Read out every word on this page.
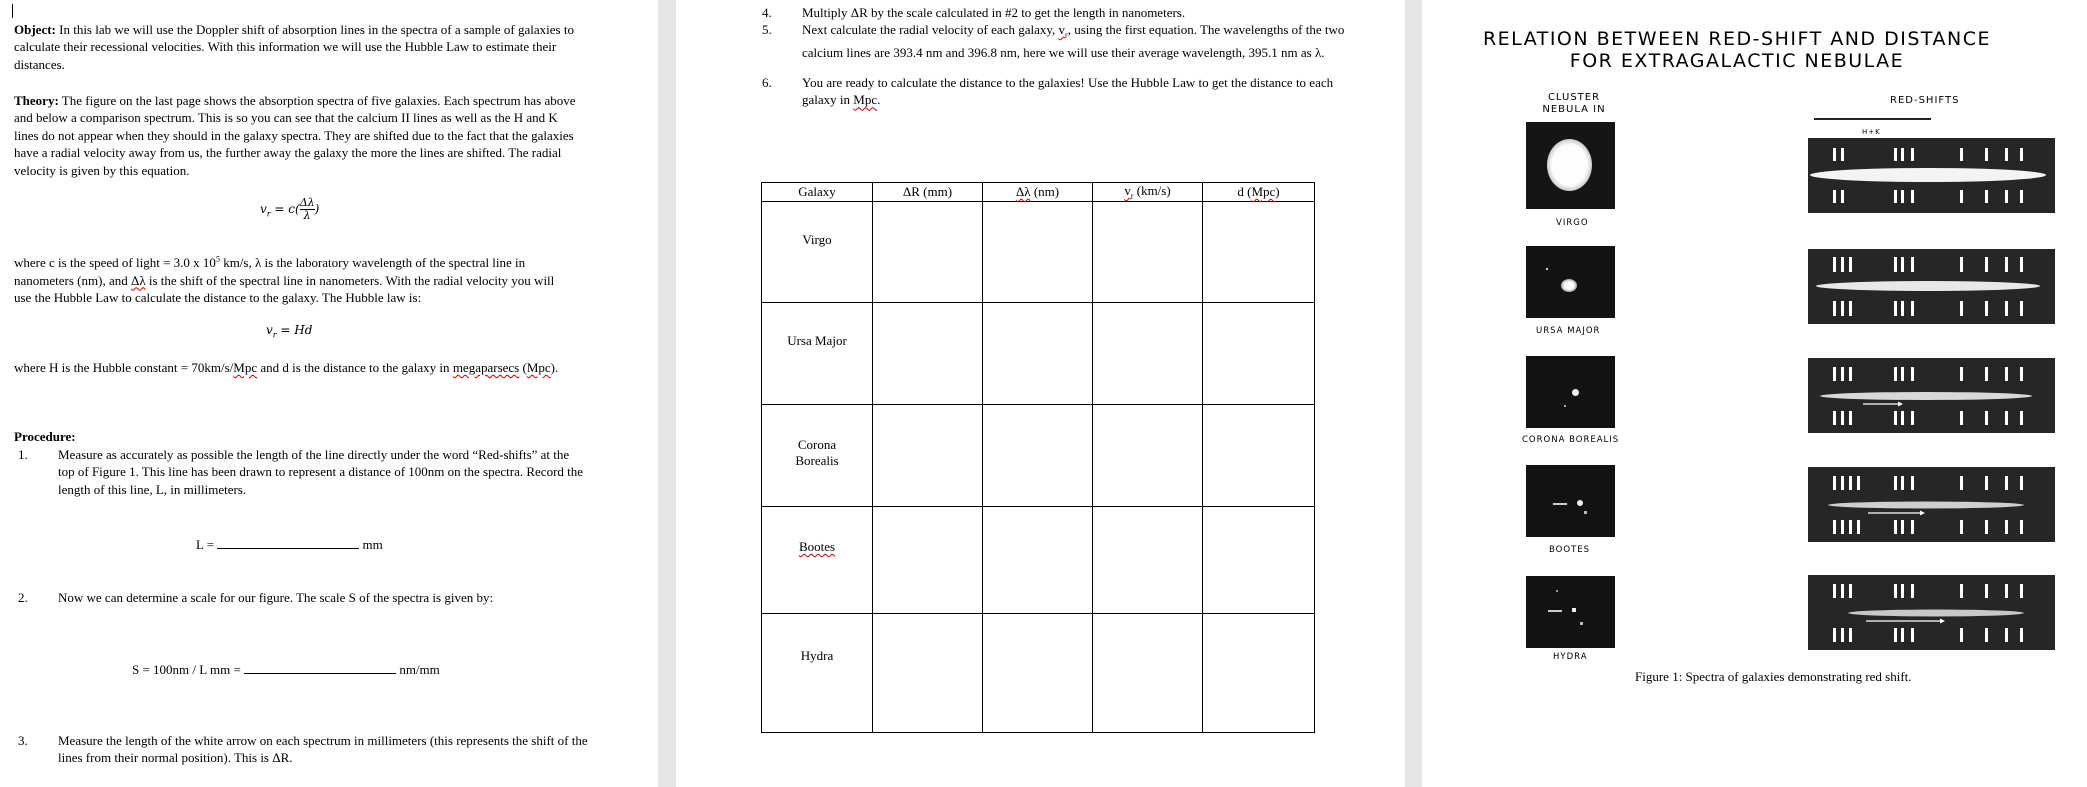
Object: In this lab we will use the Doppler shift of absorption lines in the spectra of a sample of galaxies to calculate their recessional velocities. With this information we will use the Hubble Law to estimate their distances.
Theory: The figure on the last page shows the absorption spectra of five galaxies. Each spectrum has above and below a comparison spectrum. This is so you can see that the calcium II lines as well as the H and K lines do not appear when they should in the galaxy spectra. They are shifted due to the fact that the galaxies have a radial velocity away from us, the further away the galaxy the more the lines are shifted. The radial velocity is given by this equation.
$v_r = c( \frac{\Delta\lambda}{\lambda}$ )
where c is the speed of light = 3.0 x $10^5$ km/s, λ is the laboratory wavelength of the spectral line in nanometers (nm), and Δλ is the shift of the spectral line in nanometers. With the radial velocity you will use the Hubble Law to calculate the distance to the galaxy. The Hubble law is:
$v_r = Hd$
where H is the Hubble constant = 70km/s/Mpc and d is the distance to the galaxy in megaparsecs (Mpc).
Procedure:
1. Measure as accurately as possible the length of the line directly under the word “Red-shifts” at the top of Figure 1. This line has been drawn to represent a distance of 100nm on the spectra. Record the length of this line, L, in millimeters.
L =	mm
2. Now we can determine a scale for our figure. The scale S of the spectra is given by:
S = 100nm / L mm =	nm/mm
3. Measure the length of the white arrow on each spectrum in millimeters (this represents the shift of the lines from their normal position). This is ΔR.
4. Multiply ΔR by the scale calculated in #2 to get the length in nanometers.
5. Next calculate the radial velocity of each galaxy, $v_r$, using the first equation. The wavelengths of the two calcium lines are 393.4 nm and 396.8 nm, here we will use their average wavelength, 395.1 nm as λ.
6. You are ready to calculate the distance to the galaxies! Use the Hubble Law to get the distance to each galaxy in Mpc.
Galaxy	ΔR (mm)	Δλ (nm)	$v_r$ (km/s)	d (Mpc)
Virgo				
Ursa Major				
Corona Borealis				
Bootes				
Hydra				
RELATION BETWEEN RED-SHIFT AND DISTANCE
FOR EXTRAGALACTIC NEBULAE
CLUSTER NEBULA IN
RED-SHIFTS
H+K
VIRGO
URSA MAJOR
CORONA BOREALIS
BOOTES
HYDRA
Figure 1: Spectra of galaxies demonstrating red shift.
